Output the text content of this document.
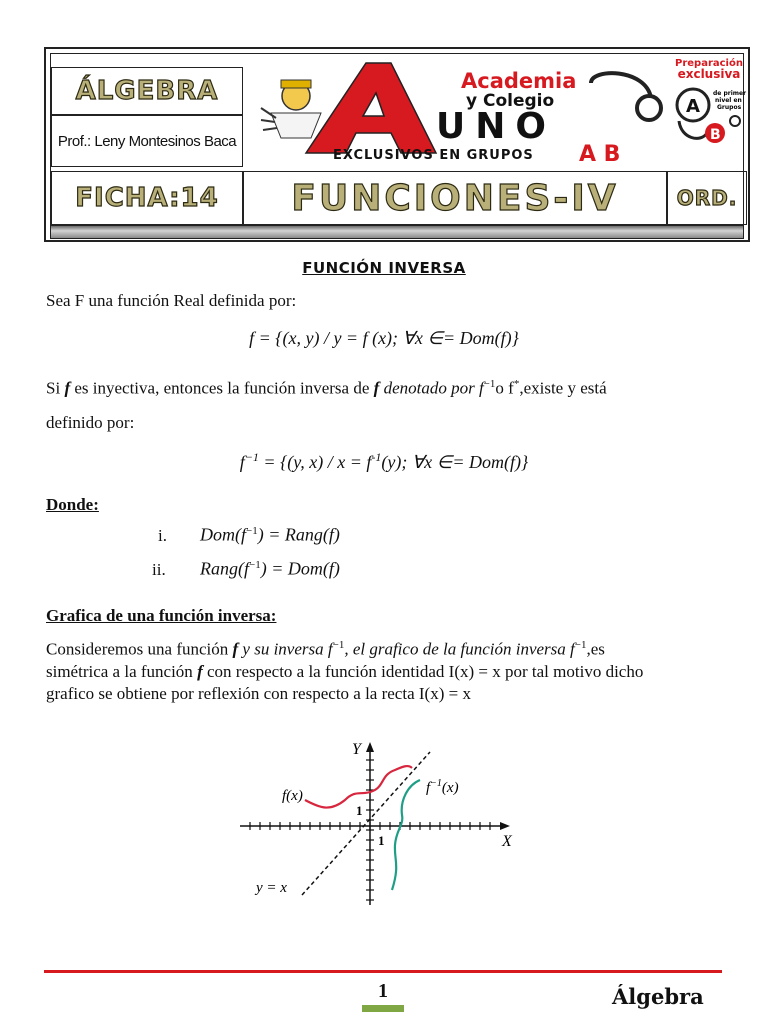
ÁLGEBRA
Prof.: Leny Montesinos Baca
FICHA:14 FUNCIONES-IV	ORD.
Academia
y Colegio
UNO
EXCLUSIVOS EN GRUPOS A B
Preparación
exclusiva
A
B
de primer
nivel en
Grupos
FUNCIÓN INVERSA
Sea F una función Real definida por:
f = {(x, y) / y = f (x); ∀x ∈= Dom(f)}
Si f es inyectiva, entonces la función inversa de f denotado por $f^{-1}o$ f*,existe y está
definido por:
$f^{-1} = \{(y$, $x) / x = f^{-1}(y)$; ∀x ∈= Dom(f)}
Donde:
i. $Dom(f^{-1})$ = Rang(f)
ii. $Rang(f^{-1}) = Dom(f)$
Grafica de una función inversa:
Consideremos una función f y su inversa $f^{-1}$, el grafico de la función inversa $f^{-1},es$
simétrica a la función f con respecto a la función identidad I(x) = x por tal motivo dicho
grafico se obtiene por reflexión con respecto a la recta I(x) = x
Y
X
f(x)	$f^{-1}(x)$
1
1
y = x
1	Álgebra
